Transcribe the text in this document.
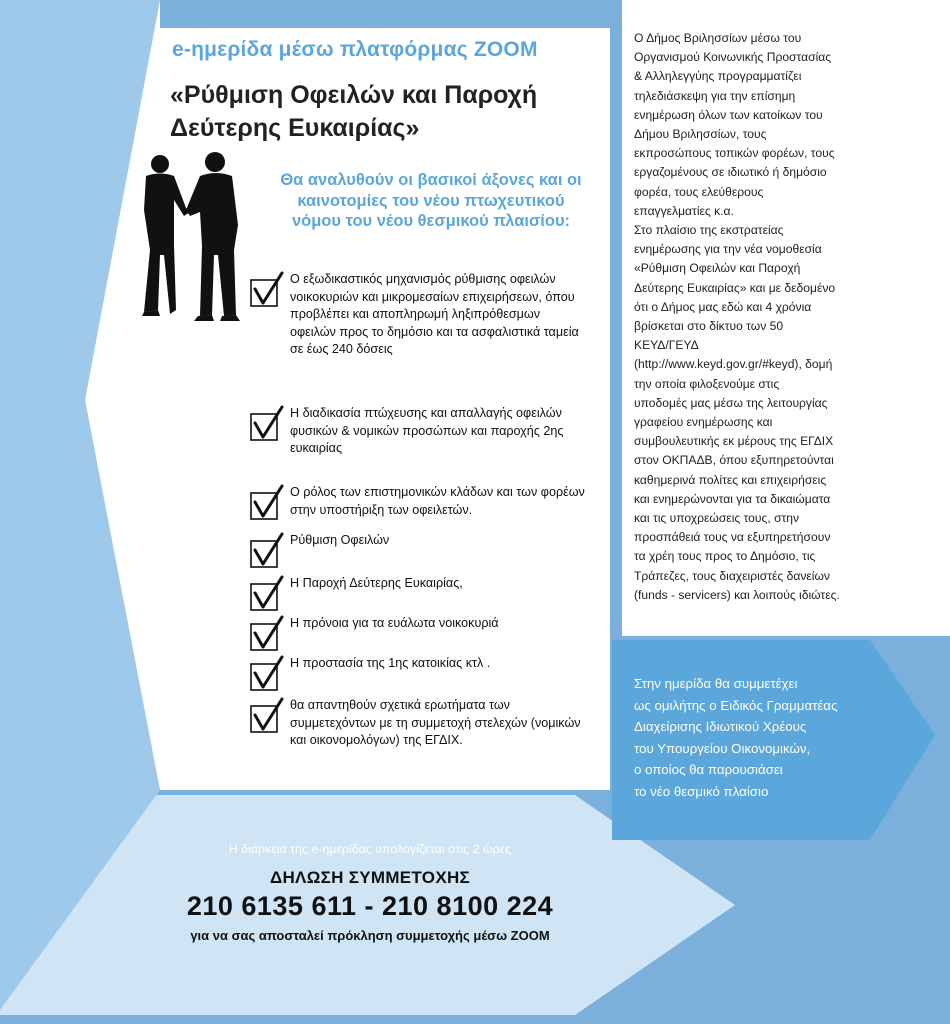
e-ημερίδα μέσω πλατφόρμας ZOOM
«Ρύθμιση Οφειλών και Παροχή Δεύτερης Ευκαιρίας»
Θα αναλυθούν οι βασικοί άξονες και οι καινοτομίες του νέου πτωχευτικού νόμου του νέου θεσμικού πλαισίου:
Ο εξωδικαστικός μηχανισμός ρύθμισης οφειλών νοικοκυριών και μικρομεσαίων επιχειρήσεων, όπου προβλέπει και αποπληρωμή ληξιπρόθεσμων οφειλών προς το δημόσιο και τα ασφαλιστικά ταμεία σε έως 240 δόσεις
Η διαδικασία πτώχευσης και απαλλαγής οφειλών φυσικών & νομικών προσώπων και παροχής 2ης ευκαιρίας
Ο ρόλος των επιστημονικών κλάδων και των φορέων στην υποστήριξη των οφειλετών.
Ρύθμιση Οφειλών
Η Παροχή Δεύτερης Ευκαιρίας,
Η πρόνοια για τα ευάλωτα νοικοκυριά
Η προστασία της 1ης κατοικίας κτλ .
θα απαντηθούν σχετικά ερωτήματα των συμμετεχόντων με τη συμμετοχή στελεχών (νομικών και οικονομολόγων) της ΕΓΔΙΧ.
Ο Δήμος Βριλησσίων μέσω του
Οργανισμού Κοινωνικής Προστασίας
& Αλληλεγγύης προγραμματίζει
τηλεδιάσκεψη για την επίσημη
ενημέρωση όλων των κατοίκων του
Δήμου Βριλησσίων, τους
εκπροσώπους τοπικών φορέων, τους
εργαζομένους σε ιδιωτικό ή δημόσιο
φορέα, τους ελεύθερους
επαγγελματίες κ.α.
Στο πλαίσιο της εκστρατείας
ενημέρωσης για την νέα νομοθεσία
«Ρύθμιση Οφειλών και Παροχή
Δεύτερης Ευκαιρίας» και με δεδομένο
ότι ο Δήμος μας εδώ και 4 χρόνια
βρίσκεται στο δίκτυο των 50
ΚΕΥΔ/ΓΕΥΔ
(http://www.keyd.gov.gr/#keyd), δομή
την οποία φιλοξενούμε στις
υποδομές μας μέσω της λειτουργίας
γραφείου ενημέρωσης και
συμβουλευτικής εκ μέρους της ΕΓΔΙΧ
στον ΟΚΠΑΔΒ, όπου εξυπηρετούνται
καθημερινά πολίτες και επιχειρήσεις
και ενημερώνονται για τα δικαιώματα
και τις υποχρεώσεις τους, στην
προσπάθειά τους να εξυπηρετήσουν
τα χρέη τους προς το Δημόσιο, τις
Τράπεζες, τους διαχειριστές δανείων
(funds - servicers) και λοιπούς ιδιώτες.
Στην ημερίδα θα συμμετέχει
ως ομιλήτης ο Ειδικός Γραμματέας
Διαχείρισης Ιδιωτικού Χρέους
του Υπουργείου Οικονομικών,
ο οποίος θα παρουσιάσει
το νέο θεσμικό πλαίσιο
Η διάρκεια της e-ημερίδας υπολογίζεται στις 2 ώρες
ΔΗΛΩΣΗ ΣΥΜΜΕΤΟΧΗΣ
210 6135 611 - 210 8100 224
για να σας αποσταλεί πρόκληση συμμετοχής μέσω ZOOM
